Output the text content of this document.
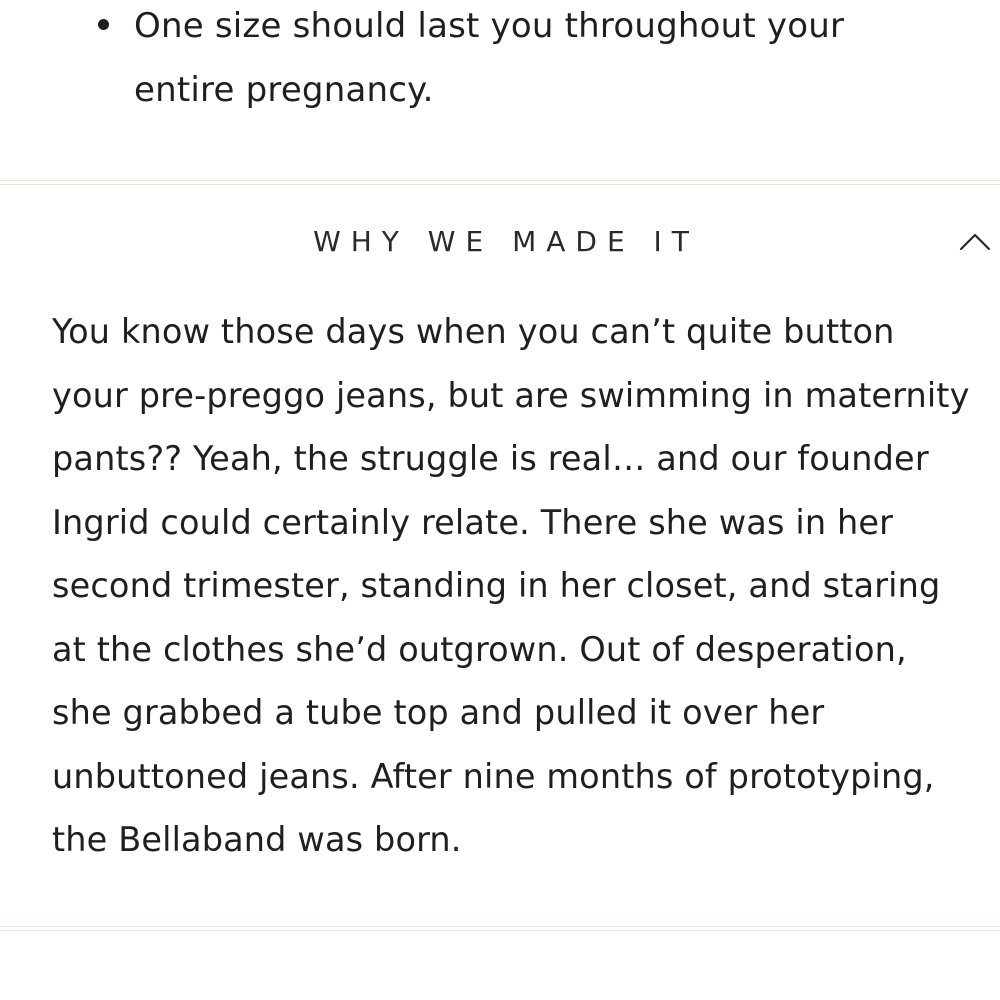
One size should last you throughout your entire pregnancy.
WHY WE MADE IT

You know those days when you can’t quite button your pre-preggo jeans, but are swimming in maternity pants?? Yeah, the struggle is real… and our founder Ingrid could certainly relate. There she was in her second trimester, standing in her closet, and staring at the clothes she’d outgrown. Out of desperation, she grabbed a tube top and pulled it over her unbuttoned jeans. After nine months of prototyping, the Bellaband was born.
